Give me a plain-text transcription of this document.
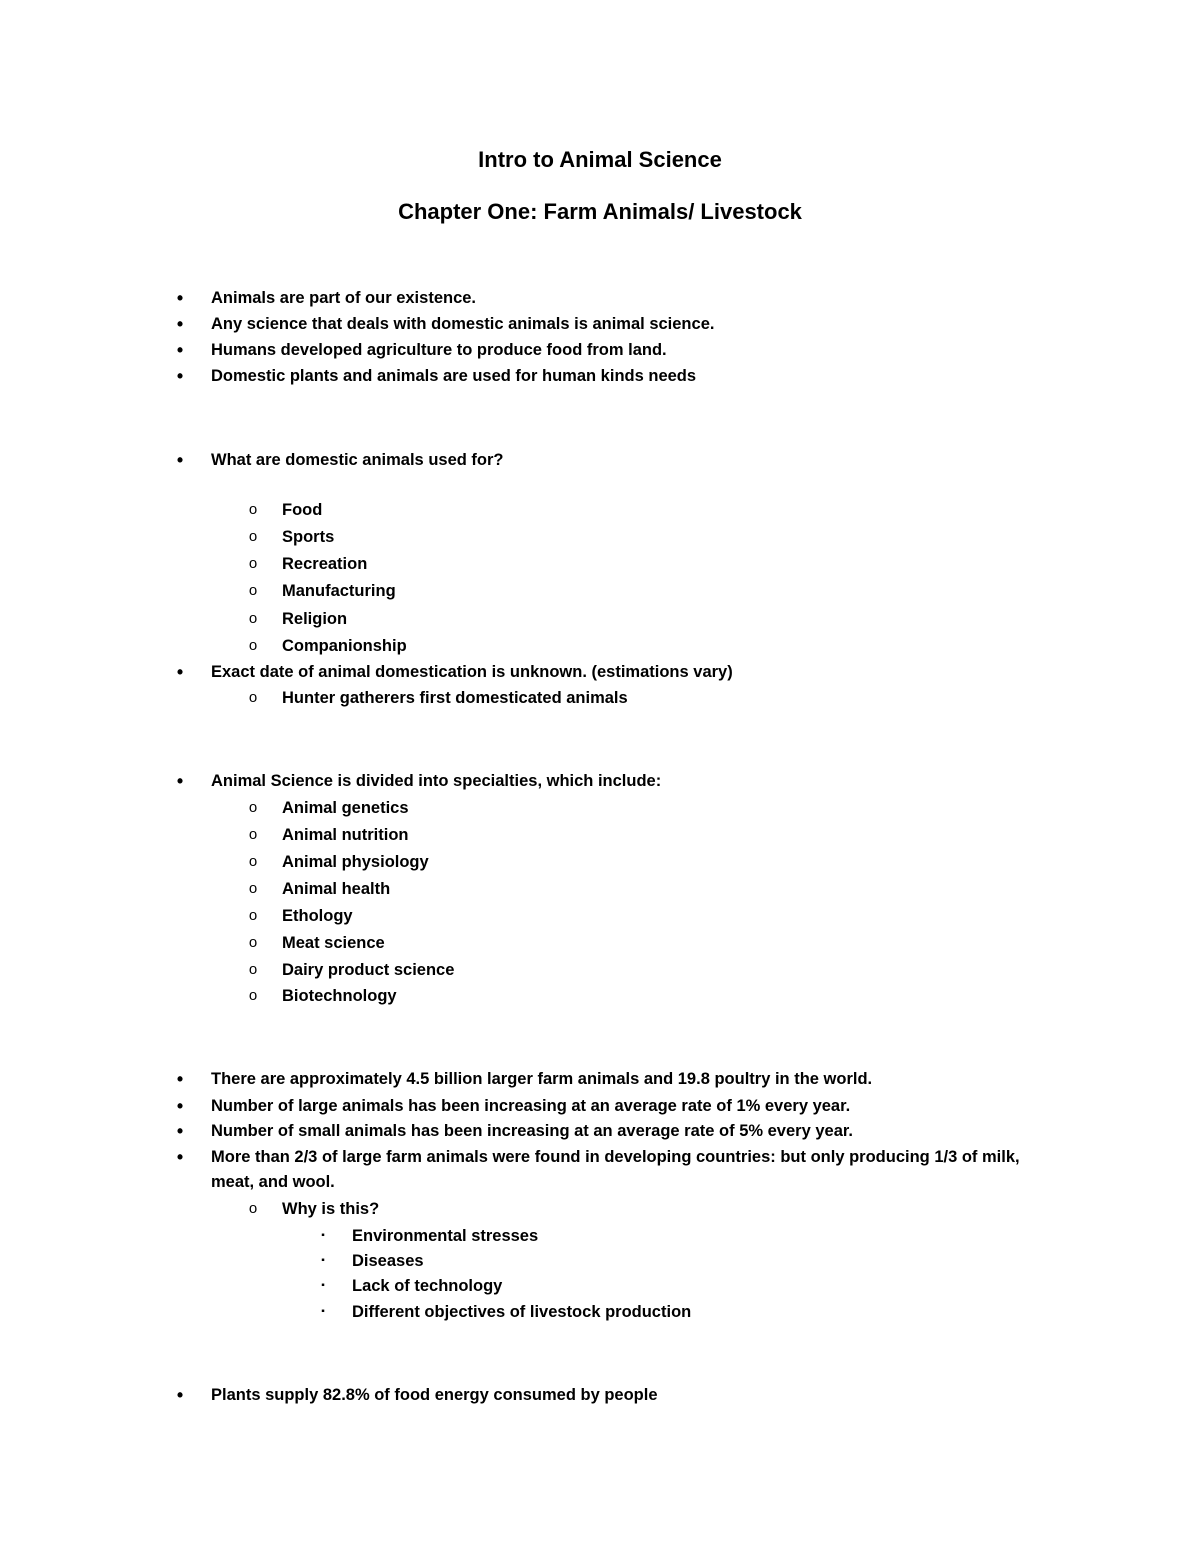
Intro to Animal Science
Chapter One: Farm Animals/ Livestock
•	Animals are part of our existence.
•	Any science that deals with domestic animals is animal science.
•	Humans developed agriculture to produce food from land.
•	Domestic plants and animals are used for human kinds needs
•	What are domestic animals used for?
o	Food
o	Sports
o	Recreation
o	Manufacturing
o	Religion
o	Companionship
•	Exact date of animal domestication is unknown. (estimations vary)
o	Hunter gatherers first domesticated animals
•	Animal Science is divided into specialties, which include:
o	Animal genetics
o	Animal nutrition
o	Animal physiology
o	Animal health
o	Ethology
o	Meat science
o	Dairy product science
o	Biotechnology
•	There are approximately 4.5 billion larger farm animals and 19.8 poultry in the world.
•	Number of large animals has been increasing at an average rate of 1% every year.
•	Number of small animals has been increasing at an average rate of 5% every year.
•	More than 2/3 of large farm animals were found in developing countries: but only producing 1/3 of milk,
meat, and wool.
o	Why is this?
▪	Environmental stresses
▪	Diseases
▪	Lack of technology
▪	Different objectives of livestock production
•	Plants supply 82.8% of food energy consumed by people
